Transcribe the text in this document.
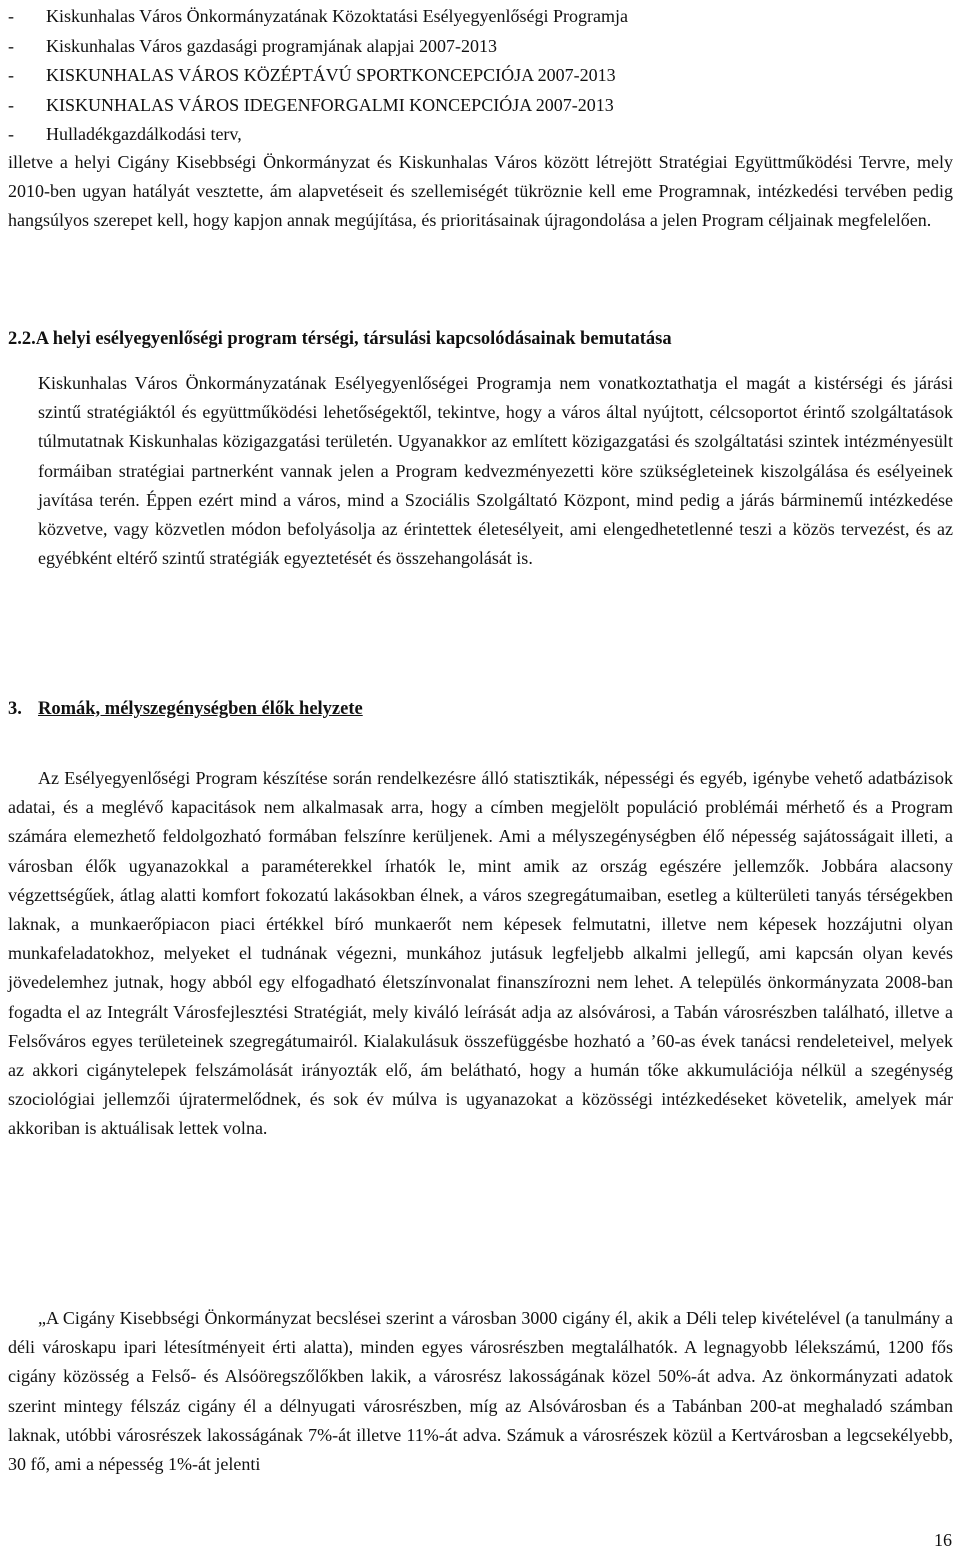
- Kiskunhalas Város Önkormányzatának Közoktatási Esélyegyenlőségi Programja
- Kiskunhalas Város gazdasági programjának alapjai 2007-2013
- KISKUNHALAS VÁROS KÖZÉPTÁVÚ SPORTKONCEPCIÓJA 2007-2013
- KISKUNHALAS VÁROS IDEGENFORGALMI KONCEPCIÓJA 2007-2013
- Hulladékgazdálkodási terv,

illetve a helyi Cigány Kisebbségi Önkormányzat és Kiskunhalas Város között létrejött Stratégiai Együttműködési Tervre, mely 2010-ben ugyan hatályát vesztette, ám alapvetéseit és szellemiségét tükröznie kell eme Programnak, intézkedési tervében pedig hangsúlyos szerepet kell, hogy kapjon annak megújítása, és prioritásainak újragondolása a jelen Program céljainak megfelelően.

2.2.A helyi esélyegyenlőségi program térségi, társulási kapcsolódásainak bemutatása

Kiskunhalas Város Önkormányzatának Esélyegyenlőségei Programja nem vonatkoztathatja el magát a kistérségi és járási szintű stratégiáktól és együttműködési lehetőségektől, tekintve, hogy a város által nyújtott, célcsoportot érintő szolgáltatások túlmutatnak Kiskunhalas közigazgatási területén. Ugyanakkor az említett közigazgatási és szolgáltatási szintek intézményesült formáiban stratégiai partnerként vannak jelen a Program kedvezményezetti köre szükségleteinek kiszolgálása és esélyeinek javítása terén. Éppen ezért mind a város, mind a Szociális Szolgáltató Központ, mind pedig a járás bárminemű intézkedése közvetve, vagy közvetlen módon befolyásolja az érintettek életesélyeit, ami elengedhetetlenné teszi a közös tervezést, és az egyébként eltérő szintű stratégiák egyeztetését és összehangolását is.

3. Romák, mélyszegénységben élők helyzete

Az Esélyegyenlőségi Program készítése során rendelkezésre álló statisztikák, népességi és egyéb, igénybe vehető adatbázisok adatai, és a meglévő kapacitások nem alkalmasak arra, hogy a címben megjelölt populáció problémái mérhető és a Program számára elemezhető feldolgozható formában felszínre kerüljenek. Ami a mélyszegénységben élő népesség sajátosságait illeti, a városban élők ugyanazokkal a paraméterekkel írhatók le, mint amik az ország egészére jellemzők. Jobbára alacsony végzettségűek, átlag alatti komfort fokozatú lakásokban élnek, a város szegregátumaiban, esetleg a külterületi tanyás térségekben laknak, a munkaerőpiacon piaci értékkel bíró munkaerőt nem képesek felmutatni, illetve nem képesek hozzájutni olyan munkafeladatokhoz, melyeket el tudnának végezni, munkához jutásuk legfeljebb alkalmi jellegű, ami kapcsán olyan kevés jövedelemhez jutnak, hogy abból egy elfogadható életszínvonalat finanszírozni nem lehet. A település önkormányzata 2008-ban fogadta el az Integrált Városfejlesztési Stratégiát, mely kiváló leírását adja az alsóvárosi, a Tabán városrészben található, illetve a Felsőváros egyes területeinek szegregátumairól. Kialakulásuk összefüggésbe hozható a ’60-as évek tanácsi rendeleteivel, melyek az akkori cigánytelepek felszámolását irányozták elő, ám belátható, hogy a humán tőke akkumulációja nélkül a szegénység szociológiai jellemzői újratermelődnek, és sok év múlva is ugyanazokat a közösségi intézkedéseket követelik, amelyek már akkoriban is aktuálisak lettek volna.

„A Cigány Kisebbségi Önkormányzat becslései szerint a városban 3000 cigány él, akik a Déli telep kivételével (a tanulmány a déli városkapu ipari létesítményeit érti alatta), minden egyes városrészben megtalálhatók. A legnagyobb lélekszámú, 1200 fős cigány közösség a Felső- és Alsóöregszőlőkben lakik, a városrész lakosságának közel 50%-át adva. Az önkormányzati adatok szerint mintegy félszáz cigány él a délnyugati városrészben, míg az Alsóvárosban és a Tabánban 200-at meghaladó számban laknak, utóbbi városrészek lakosságának 7%-át illetve 11%-át adva. Számuk a városrészek közül a Kertvárosban a legcsekélyebb, 30 fő, ami a népesség 1%-át jelenti

16
